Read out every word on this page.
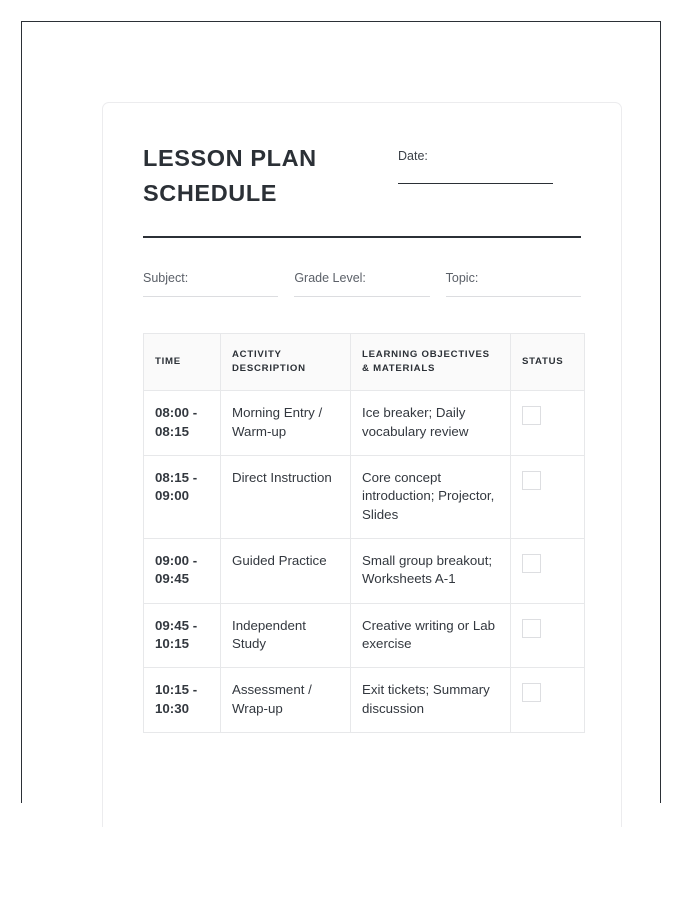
LESSON PLAN SCHEDULE
Date:
Subject:	Grade Level:	Topic:
TIME	ACTIVITY DESCRIPTION	LEARNING OBJECTIVES & MATERIALS	STATUS
08:00 - 08:15	Morning Entry / Warm-up	Ice breaker; Daily vocabulary review	
08:15 - 09:00	Direct Instruction	Core concept introduction; Projector, Slides	
09:00 - 09:45	Guided Practice	Small group breakout; Worksheets A-1	
09:45 - 10:15	Independent Study	Creative writing or Lab exercise	
10:15 - 10:30	Assessment / Wrap-up	Exit tickets; Summary discussion	
